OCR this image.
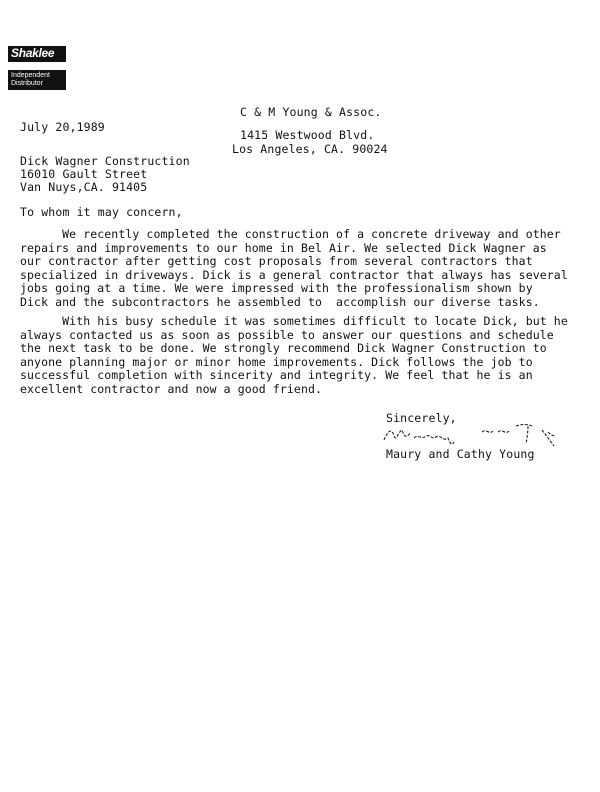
Shaklee
Independent Distributor
C & M Young & Assoc.
July 20,1989
1415 Westwood Blvd.
Los Angeles, CA. 90024
Dick Wagner Construction
16010 Gault Street
Van Nuys,CA. 91405
To whom it may concern,
We recently completed the construction of a concrete driveway and other
repairs and improvements to our home in Bel Air. We selected Dick Wagner as
our contractor after getting cost proposals from several contractors that
specialized in driveways. Dick is a general contractor that always has several
jobs going at a time. We were impressed with the professionalism shown by
Dick and the subcontractors he assembled to  accomplish our diverse tasks.
With his busy schedule it was sometimes difficult to locate Dick, but he
always contacted us as soon as possible to answer our questions and schedule
the next task to be done. We strongly recommend Dick Wagner Construction to
anyone planning major or minor home improvements. Dick follows the job to
successful completion with sincerity and integrity. We feel that he is an
excellent contractor and now a good friend.
Sincerely,
Maury and Cathy Young
